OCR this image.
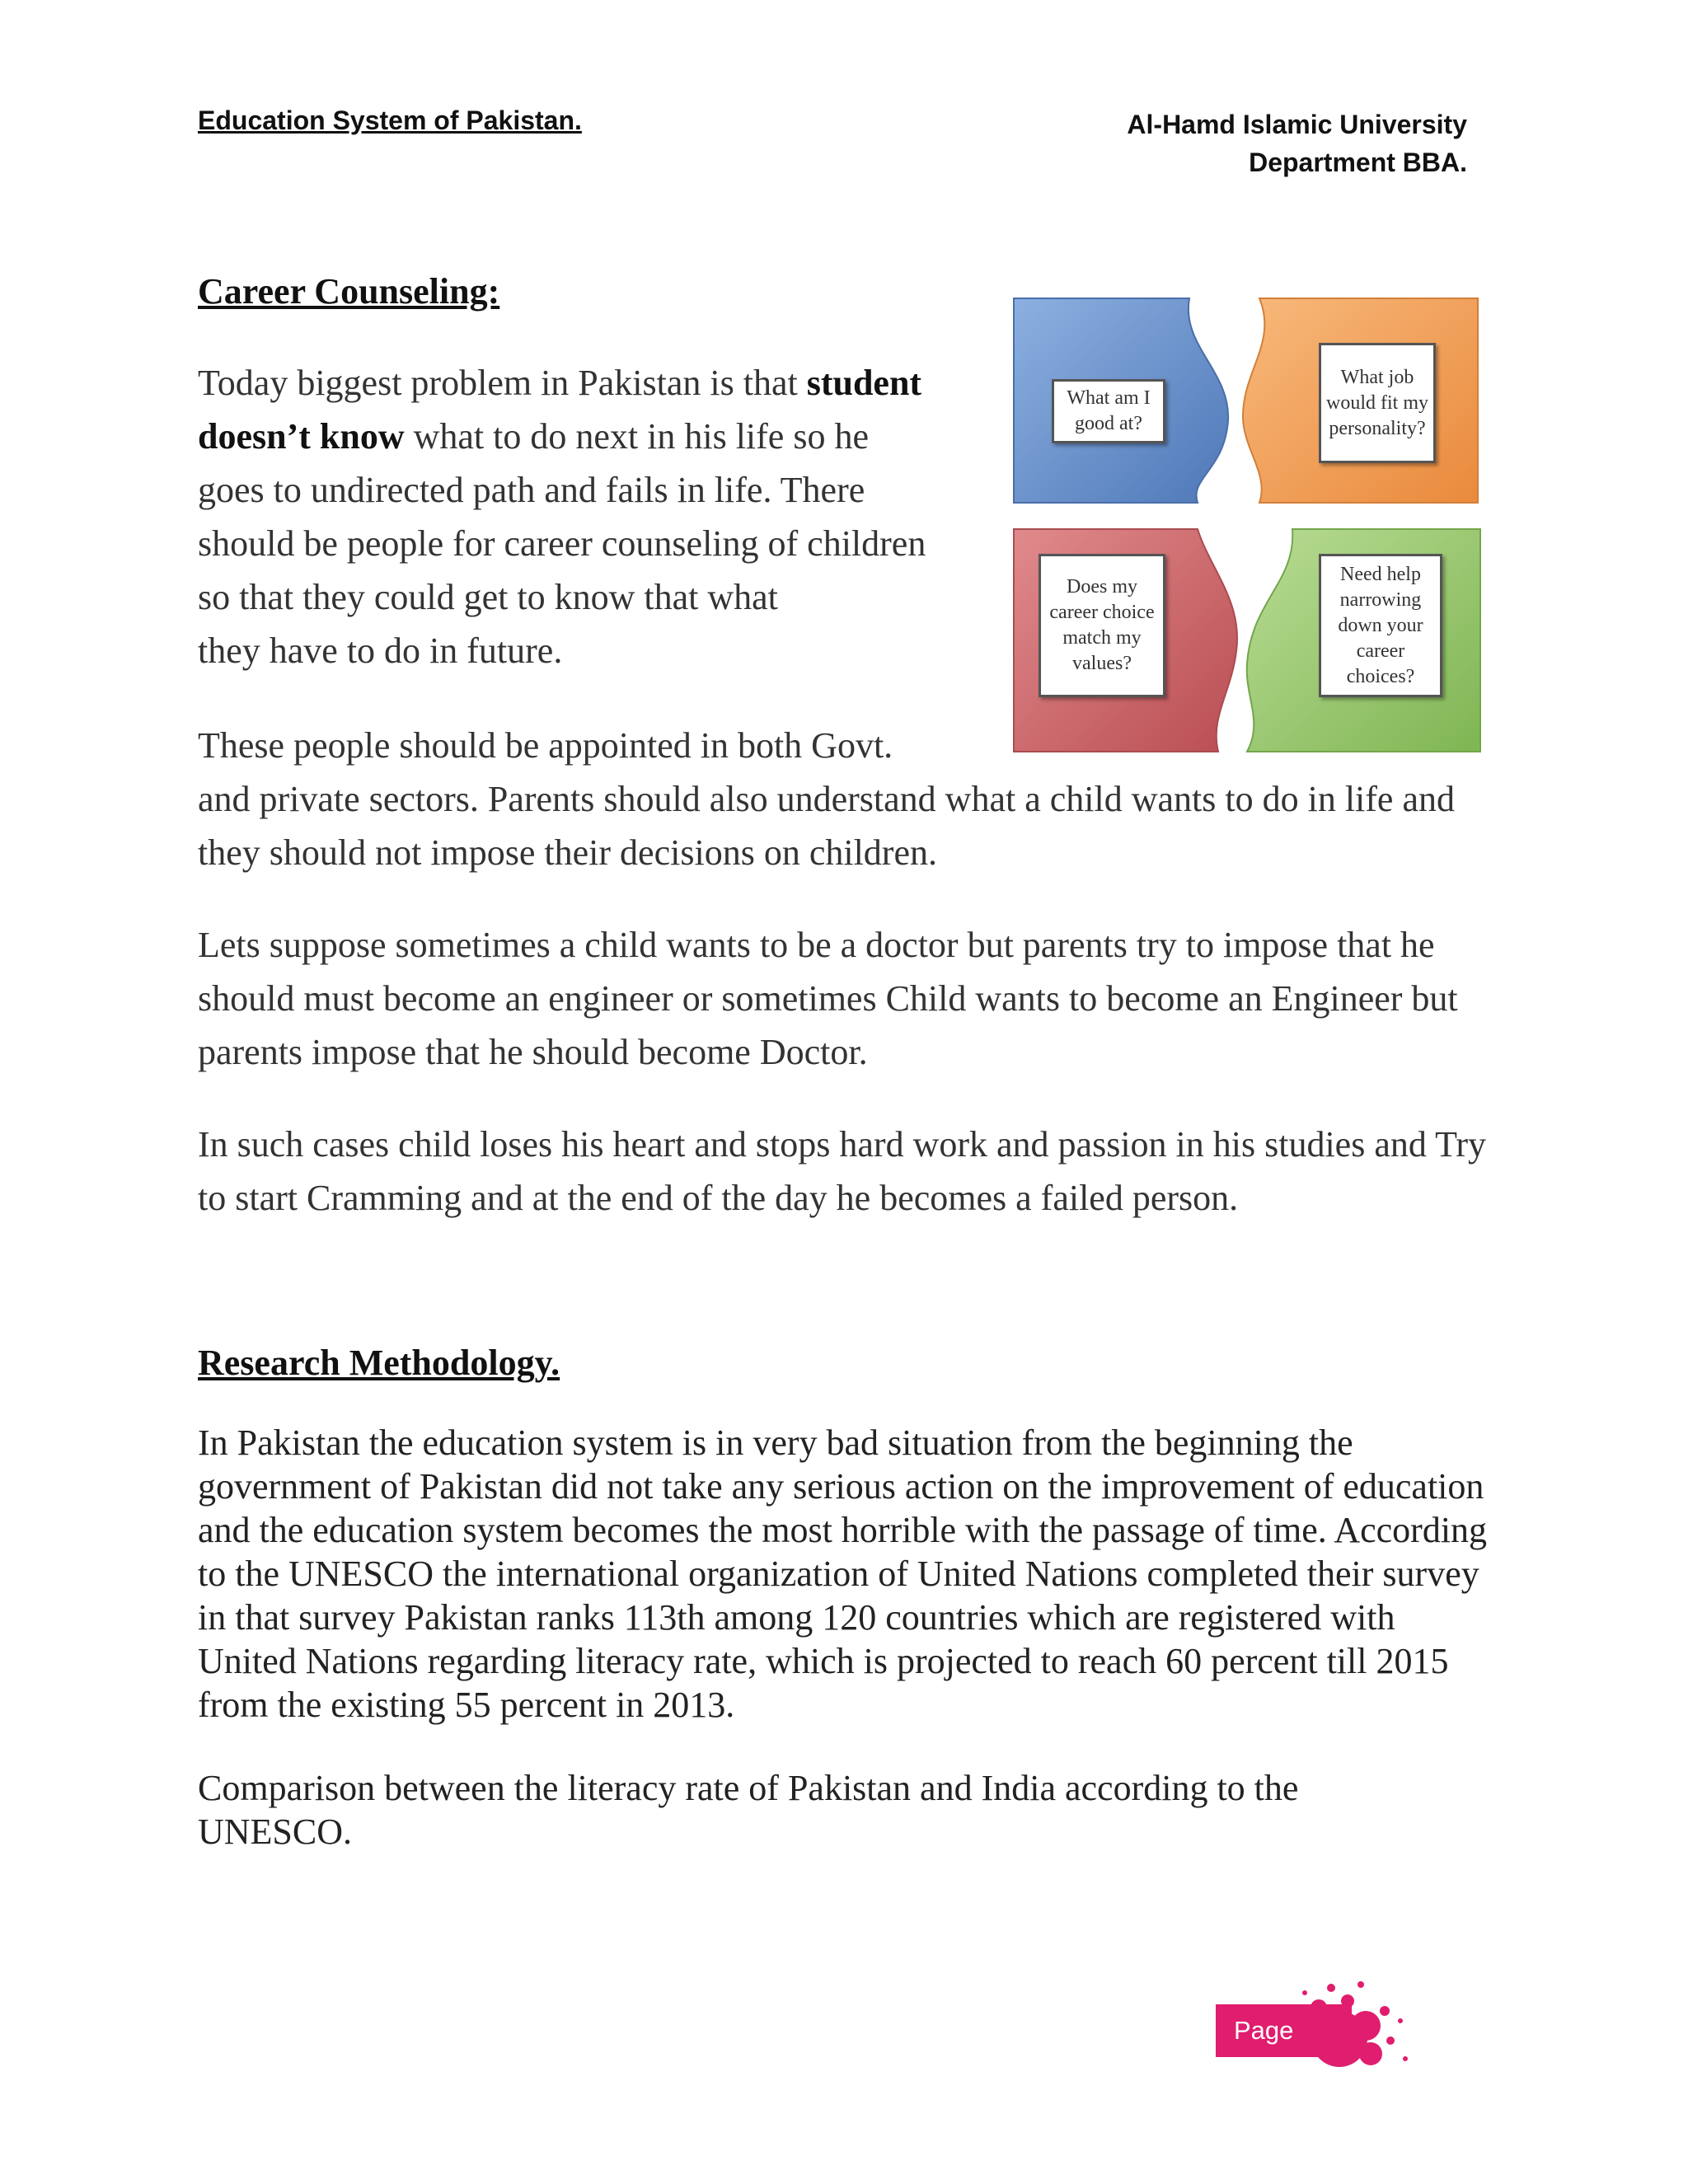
Education System of Pakistan.	Al-Hamd Islamic University
Department BBA.
Career Counseling:
Today biggest problem in Pakistan is that student
doesn’t know what to do next in his life so he
goes to undirected path and fails in life. There
should be people for career counseling of children
so that they could get to know that what
they have to do in future.
These people should be appointed in both Govt.
and private sectors. Parents should also understand what a child wants to do in life and they should not impose their decisions on children.
Lets suppose sometimes a child wants to be a doctor but parents try to impose that he should must become an engineer or sometimes Child wants to become an Engineer but parents impose that he should become Doctor.
In such cases child loses his heart and stops hard work and passion in his studies and Try to start Cramming and at the end of the day he becomes a failed person.
What am I good at?
What job would fit my personality?
Does my career choice match my values?
Need help narrowing down your career choices?
Research Methodology.
In Pakistan the education system is in very bad situation from the beginning the government of Pakistan did not take any serious action on the improvement of education and the education system becomes the most horrible with the passage of time. According to the UNESCO the international organization of United Nations completed their survey in that survey Pakistan ranks 113th among 120 countries which are registered with United Nations regarding literacy rate, which is projected to reach 60 percent till 2015 from the existing 55 percent in 2013.
Comparison between the literacy rate of Pakistan and India according to the UNESCO.
Page # 13
